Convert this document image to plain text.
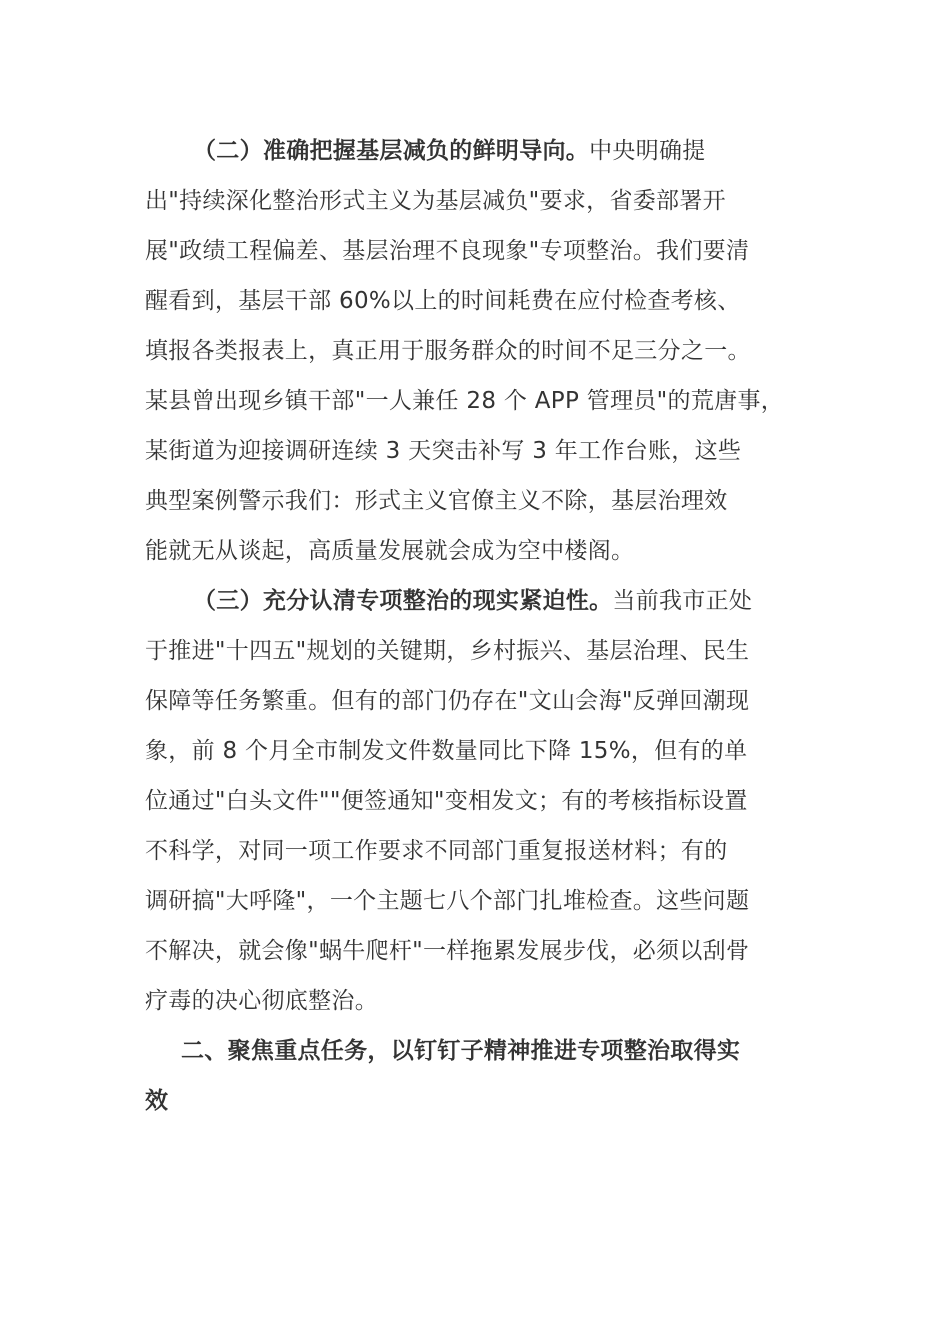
（二）准确把握基层减负的鲜明导向。中央明确提
出"持续深化整治形式主义为基层减负"要求，省委部署开
展"政绩工程偏差、基层治理不良现象"专项整治。我们要清
醒看到，基层干部 60%以上的时间耗费在应付检查考核、
填报各类报表上，真正用于服务群众的时间不足三分之一。
某县曾出现乡镇干部"一人兼任 28 个 APP 管理员"的荒唐事，
某街道为迎接调研连续 3 天突击补写 3 年工作台账，这些
典型案例警示我们：形式主义官僚主义不除，基层治理效
能就无从谈起，高质量发展就会成为空中楼阁。
（三）充分认清专项整治的现实紧迫性。当前我市正处
于推进"十四五"规划的关键期，乡村振兴、基层治理、民生
保障等任务繁重。但有的部门仍存在"文山会海"反弹回潮现
象，前 8 个月全市制发文件数量同比下降 15%，但有的单
位通过"白头文件""便签通知"变相发文；有的考核指标设置
不科学，对同一项工作要求不同部门重复报送材料；有的
调研搞"大呼隆"，一个主题七八个部门扎堆检查。这些问题
不解决，就会像"蜗牛爬杆"一样拖累发展步伐，必须以刮骨
疗毒的决心彻底整治。
二、聚焦重点任务，以钉钉子精神推进专项整治取得实
效
